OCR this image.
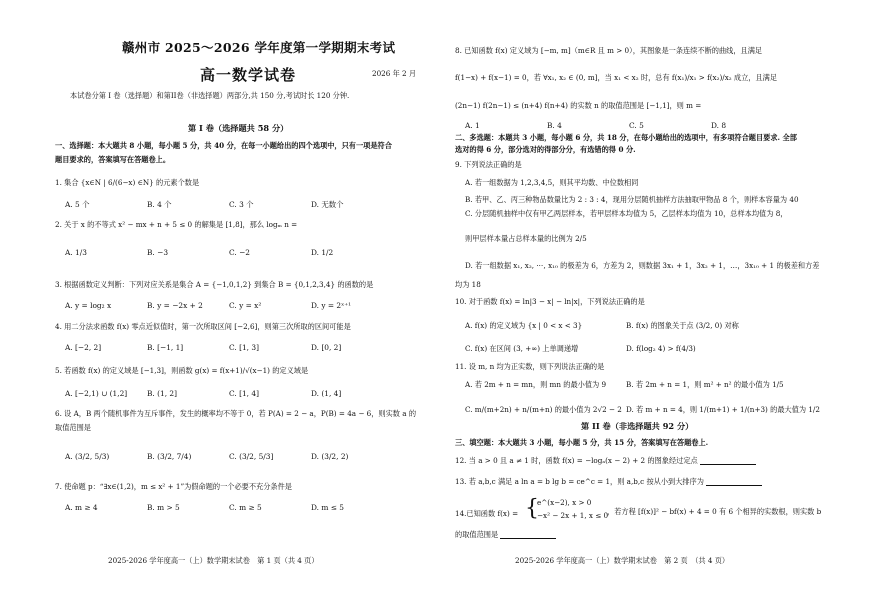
赣州市 2025～2026 学年度第一学期期末考试
高一数学试卷	2026 年 2 月
本试卷分第 I 卷（选择题）和第II卷（非选择题）两部分,共 150 分,考试时长 120 分钟.
第 I 卷（选择题共 58 分）
一、选择题：本大题共 8 小题，每小题 5 分，共 40 分，在每一小题给出的四个选项中，只有一项是符合
题目要求的，答案填写在答题卷上。
1. 集合 {x∈N | 6/(6−x) ∈N} 的元素个数是
A. 5 个	B. 4 个	C. 3 个	D. 无数个
2. 关于 x 的不等式 x² − mx + n + 5 ≤ 0 的解集是 [1,8]，那么 logₘ n =
A. 1/3	B. −3	C. −2	D. 1/2
3. 根据函数定义判断：下列对应关系是集合 A = {−1,0,1,2} 到集合 B = {0,1,2,3,4} 的函数的是
A. y = log₂ x	B. y = −2x + 2	C. y = x²	D. y = 2ˣ⁺¹
4. 用二分法求函数 f(x) 零点近似值时，第一次所取区间 [−2,6]，则第三次所取的区间可能是
A. [−2, 2]	B. [−1, 1]	C. [1, 3]	D. [0, 2]
5. 若函数 f(x) 的定义域是 [−1,3]，则函数 g(x) = f(x+1)/√(x−1) 的定义域是
A. [−2,1) ∪ (1,2]	B. (1, 2]	C. [1, 4]	D. (1, 4]
6. 设 A，B 两个随机事件为互斥事件，发生的概率均不等于 0，若 P(A) = 2 − a，P(B) = 4a − 6，则实数 a 的
取值范围是
A. (3/2, 5/3)	B. (3/2, 7/4)	C. (3/2, 5/3]	D. (3/2, 2)
7. 使命题 p：“∃x∈(1,2)，m ≤ x² + 1”为假命题的一个必要不充分条件是
A. m ≥ 4	B. m > 5	C. m ≥ 5	D. m ≤ 5
2025-2026 学年度高一（上）数学期末试卷　第 1 页（共 4 页）
8. 已知函数 f(x) 定义域为 [−m, m]（m∈R 且 m > 0），其图象是一条连续不断的曲线，且满足
f(1−x) + f(x−1) = 0，若 ∀x₁, x₂ ∈ (0, m]，当 x₁ < x₂ 时，总有 f(x₁)/x₁ > f(x₂)/x₂ 成立，且满足
(2n−1) f(2n−1) ≤ (n+4) f(n+4) 的实数 n 的取值范围是 [−1,1]，则 m =
A. 1	B. 4	C. 5	D. 8
二、多选题：本题共 3 小题，每小题 6 分，共 18 分，在每小题给出的选项中，有多项符合题目要求. 全部
选对的得 6 分，部分选对的得部分分，有选错的得 0 分.
9. 下列说法正确的是
A. 若一组数据为 1,2,3,4,5，则其平均数、中位数相同
B. 若甲、乙、丙三种物品数量比为 2 : 3 : 4，现用分层随机抽样方法抽取甲物品 8 个，则样本容量为 40
C. 分层随机抽样中仅有甲乙两层样本，若甲层样本均值为 5，乙层样本均值为 10，总样本均值为 8，
则甲层样本量占总样本量的比例为 2/5
D. 若一组数据 x₁, x₂, ⋯, x₁₀ 的极差为 6，方差为 2，则数据 3x₁ + 1，3x₂ + 1，…，3x₁₀ + 1 的极差和方差
均为 18
10. 对于函数 f(x) = ln|3 − x| − ln|x|，下列说法正确的是
A. f(x) 的定义域为 {x | 0 < x < 3}	B. f(x) 的图象关于点 (3/2, 0) 对称
C. f(x) 在区间 (3, +∞) 上单调递增	D. f(log₂ 4) > f(4/3)
11. 设 m, n 均为正实数，则下列说法正确的是
A. 若 2m + n = mn，则 mn 的最小值为 9	B. 若 2m + n = 1，则 m² + n² 的最小值为 1/5
C. m/(m+2n) + n/(m+n) 的最小值为 2√2 − 2 D. 若 m + n = 4，则 1/(m+1) + 1/(n+3) 的最大值为 1/2
第 II 卷（非选择题共 92 分）
三、填空题：本大题共 3 小题，每小题 5 分，共 15 分，答案填写在答题卷上.
12. 当 a > 0 且 a ≠ 1 时，函数 f(x) = −logₐ(x − 2) + 2 的图象经过定点
13. 若 a,b,c 满足 a ln a = b lg b = ce^c = 1，则 a,b,c 按从小到大排序为
14.已知函数 f(x) = {
e^(x−2), x > 0
−x² − 2x + 1, x ≤ 0
，若方程 [f(x)]² − bf(x) + 4 = 0 有 6 个相异的实数根，则实数 b
的取值范围是
2025-2026 学年度高一（上）数学期末试卷　第 2 页　（共 4 页）
